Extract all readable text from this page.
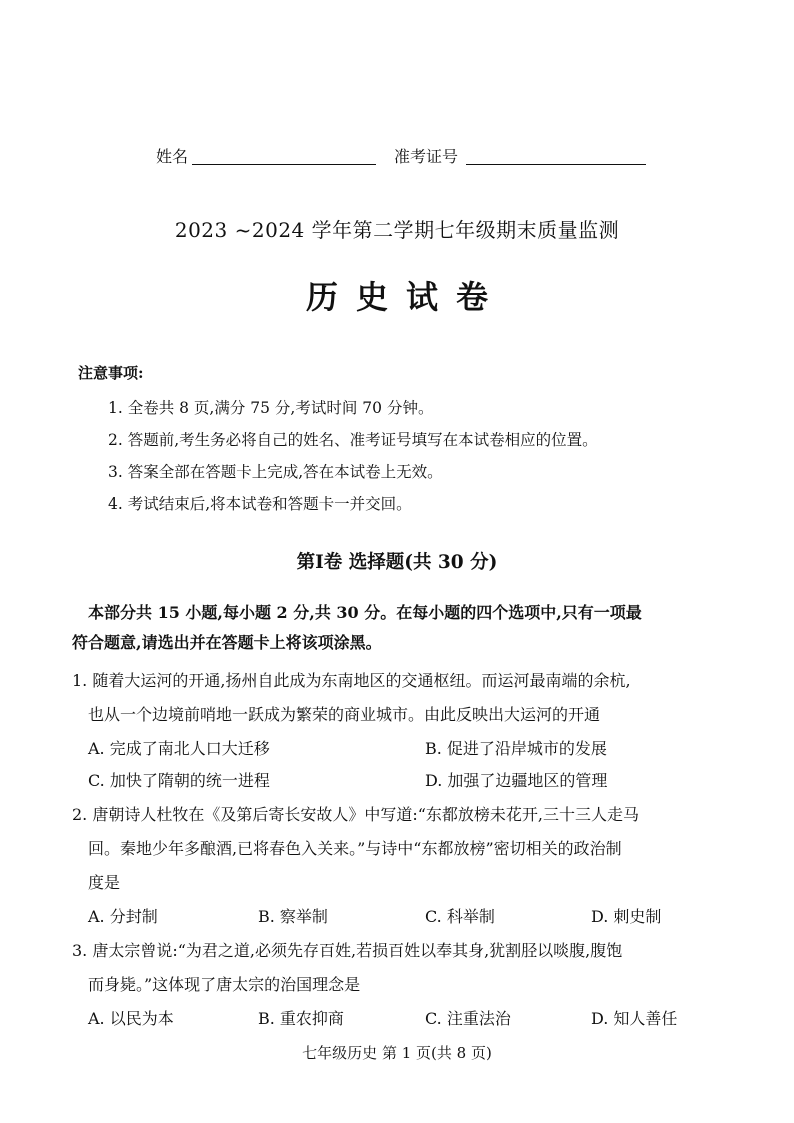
姓名	准考证号
2023 ~2024 学年第二学期七年级期末质量监测
历史试卷
注意事项:
1. 全卷共 8 页,满分 75 分,考试时间 70 分钟。
2. 答题前,考生务必将自己的姓名、准考证号填写在本试卷相应的位置。
3. 答案全部在答题卡上完成,答在本试卷上无效。
4. 考试结束后,将本试卷和答题卡一并交回。
第Ⅰ卷 选择题(共 30 分)
本部分共 15 小题,每小题 2 分,共 30 分。在每小题的四个选项中,只有一项最
符合题意,请选出并在答题卡上将该项涂黑。
1. 随着大运河的开通,扬州自此成为东南地区的交通枢纽。而运河最南端的余杭,
也从一个边境前哨地一跃成为繁荣的商业城市。由此反映出大运河的开通
A. 完成了南北人口大迁移	B. 促进了沿岸城市的发展
C. 加快了隋朝的统一进程	D. 加强了边疆地区的管理
2. 唐朝诗人杜牧在《及第后寄长安故人》中写道:“东都放榜未花开,三十三人走马
回。秦地少年多酿酒,已将春色入关来。”与诗中“东都放榜”密切相关的政治制
度是
A. 分封制	B. 察举制	C. 科举制	D. 刺史制
3. 唐太宗曾说:“为君之道,必须先存百姓,若损百姓以奉其身,犹割胫以啖腹,腹饱
而身毙。”这体现了唐太宗的治国理念是
A. 以民为本	B. 重农抑商	C. 注重法治	D. 知人善任
七年级历史 第 1 页(共 8 页)
